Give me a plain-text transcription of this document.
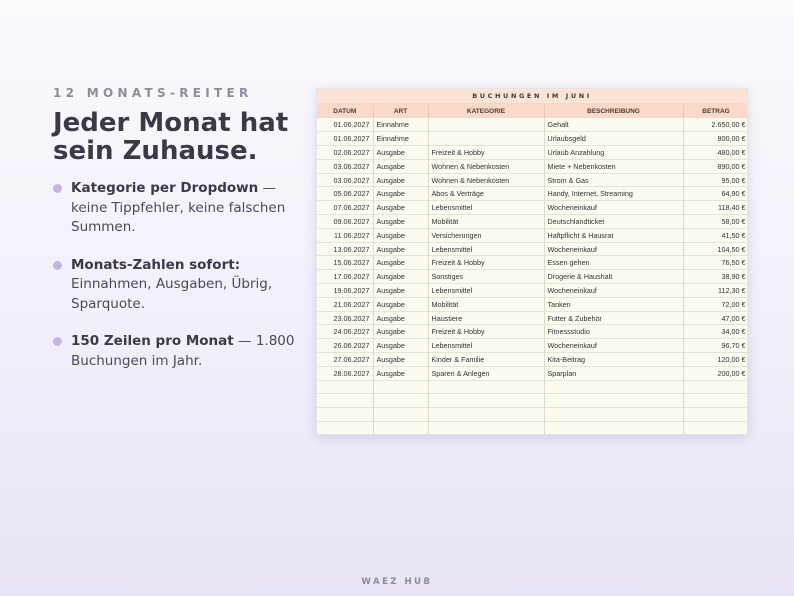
12 MONATS-REITER
Jeder Monat hat
sein Zuhause.
Kategorie per Dropdown — keine Tippfehler, keine falschen Summen.
Monats-Zahlen sofort: Einnahmen, Ausgaben, Übrig, Sparquote.
150 Zeilen pro Monat — 1.800 Buchungen im Jahr.
BUCHUNGEN IM JUNI
DATUM	ART	KATEGORIE	BESCHREIBUNG	BETRAG
01.06.2027	Einnahme		Gehalt	2.650,00 €
01.06.2027	Einnahme		Urlaubsgeld	800,00 €
02.06.2027	Ausgabe	Freizeit & Hobby	Urlaub Anzahlung	480,00 €
03.06.2027	Ausgabe	Wohnen & Nebenkosten	Miete + Nebenkosten	890,00 €
03.06.2027	Ausgabe	Wohnen & Nebenkosten	Strom & Gas	95,00 €
05.06.2027	Ausgabe	Abos & Verträge	Handy, Internet, Streaming	64,90 €
07.06.2027	Ausgabe	Lebensmittel	Wocheneinkauf	118,40 €
09.06.2027	Ausgabe	Mobilität	Deutschlandticket	58,00 €
11.06.2027	Ausgabe	Versicherungen	Haftpflicht & Hausrat	41,50 €
13.06.2027	Ausgabe	Lebensmittel	Wocheneinkauf	104,50 €
15.06.2027	Ausgabe	Freizeit & Hobby	Essen gehen	76,50 €
17.06.2027	Ausgabe	Sonstiges	Drogerie & Haushalt	38,90 €
19.06.2027	Ausgabe	Lebensmittel	Wocheneinkauf	112,30 €
21.06.2027	Ausgabe	Mobilität	Tanken	72,00 €
23.06.2027	Ausgabe	Haustiere	Futter & Zubehör	47,00 €
24.06.2027	Ausgabe	Freizeit & Hobby	Fitnessstudio	34,00 €
26.06.2027	Ausgabe	Lebensmittel	Wocheneinkauf	96,70 €
27.06.2027	Ausgabe	Kinder & Familie	Kita-Beitrag	120,00 €
28.06.2027	Ausgabe	Sparen & Anlegen	Sparplan	200,00 €

WAEZ HUB
